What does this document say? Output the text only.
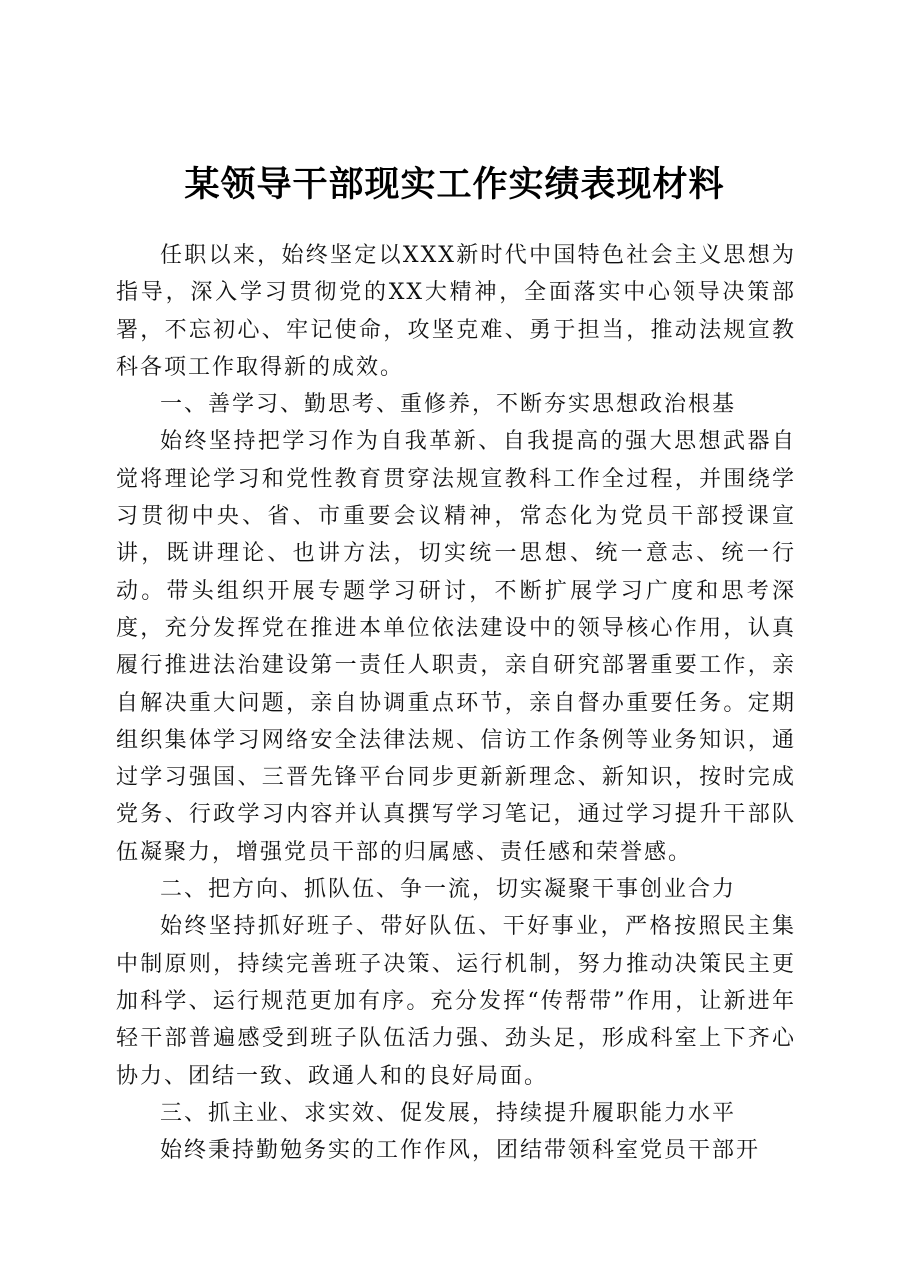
某领导干部现实工作实绩表现材料

任职以来，始终坚定以XXX新时代中国特色社会主义思想为指导，深入学习贯彻党的XX大精神，全面落实中心领导决策部署，不忘初心、牢记使命，攻坚克难、勇于担当，推动法规宣教科各项工作取得新的成效。

一、善学习、勤思考、重修养，不断夯实思想政治根基

始终坚持把学习作为自我革新、自我提高的强大思想武器自觉将理论学习和党性教育贯穿法规宣教科工作全过程，并围绕学习贯彻中央、省、市重要会议精神，常态化为党员干部授课宣讲，既讲理论、也讲方法，切实统一思想、统一意志、统一行动。带头组织开展专题学习研讨，不断扩展学习广度和思考深度，充分发挥党在推进本单位依法建设中的领导核心作用，认真履行推进法治建设第一责任人职责，亲自研究部署重要工作，亲自解决重大问题，亲自协调重点环节，亲自督办重要任务。定期组织集体学习网络安全法律法规、信访工作条例等业务知识，通过学习强国、三晋先锋平台同步更新新理念、新知识，按时完成党务、行政学习内容并认真撰写学习笔记，通过学习提升干部队伍凝聚力，增强党员干部的归属感、责任感和荣誉感。

二、把方向、抓队伍、争一流，切实凝聚干事创业合力

始终坚持抓好班子、带好队伍、干好事业，严格按照民主集中制原则，持续完善班子决策、运行机制，努力推动决策民主更加科学、运行规范更加有序。充分发挥“传帮带”作用，让新进年轻干部普遍感受到班子队伍活力强、劲头足，形成科室上下齐心协力、团结一致、政通人和的良好局面。

三、抓主业、求实效、促发展，持续提升履职能力水平

始终秉持勤勉务实的工作作风，团结带领科室党员干部开
